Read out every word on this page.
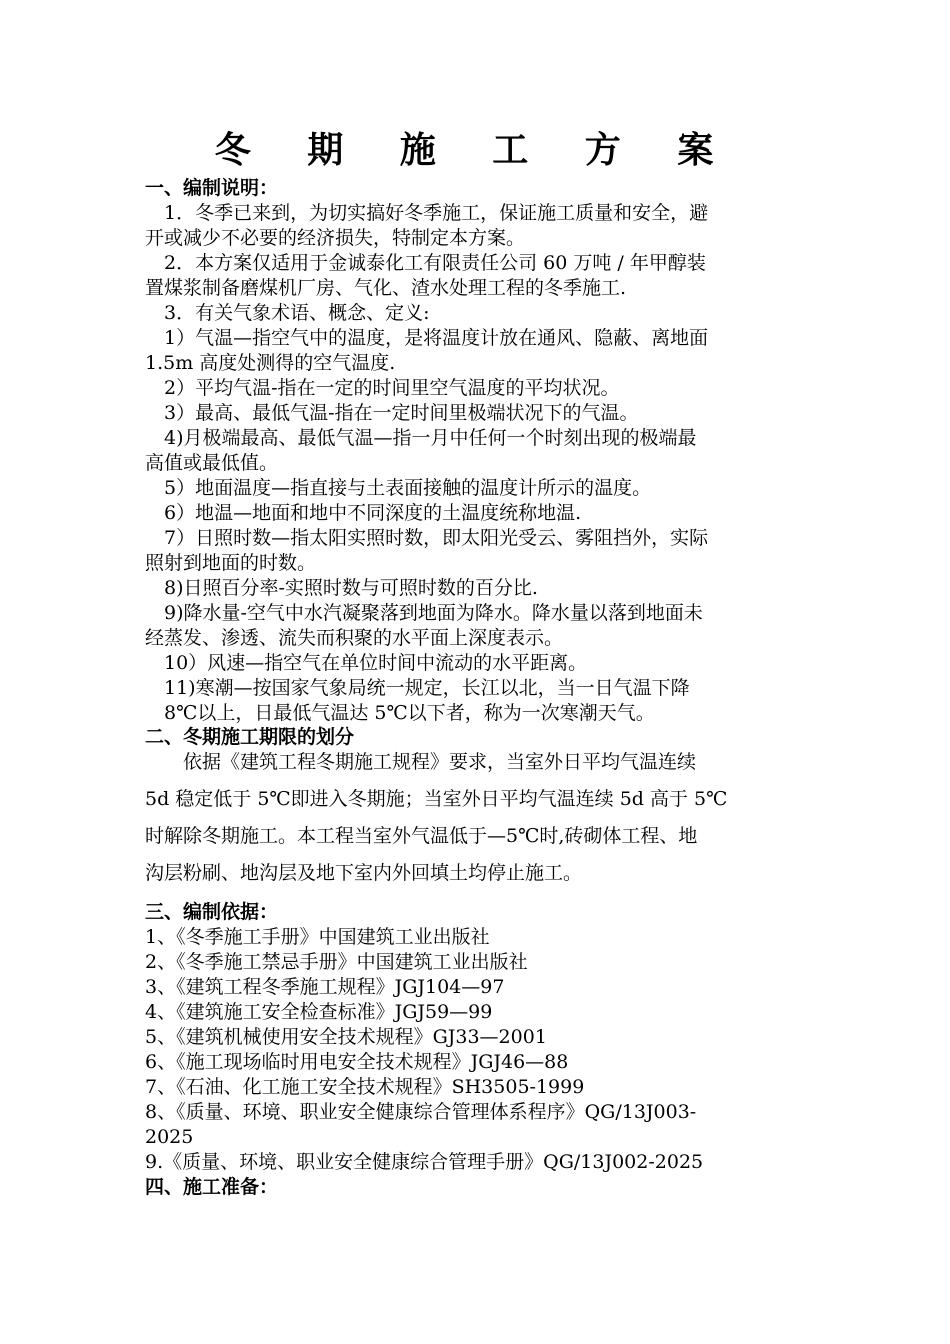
冬 期 施 工 方 案
一、编制说明：
　1．冬季已来到，为切实搞好冬季施工，保证施工质量和安全，避
开或减少不必要的经济损失，特制定本方案。
　2．本方案仅适用于金诚泰化工有限责任公司 60 万吨 / 年甲醇装
置煤浆制备磨煤机厂房、气化、渣水处理工程的冬季施工.
　3．有关气象术语、概念、定义:
　1）气温—指空气中的温度，是将温度计放在通风、隐蔽、离地面
1.5m 高度处测得的空气温度.
　2）平均气温-指在一定的时间里空气温度的平均状况。
　3）最高、最低气温-指在一定时间里极端状况下的气温。
　4)月极端最高、最低气温—指一月中任何一个时刻出现的极端最
高值或最低值。
　5）地面温度—指直接与土表面接触的温度计所示的温度。
　6）地温—地面和地中不同深度的土温度统称地温.
　7）日照时数—指太阳实照时数，即太阳光受云、雾阻挡外，实际
照射到地面的时数。
　8)日照百分率-实照时数与可照时数的百分比.
　9)降水量-空气中水汽凝聚落到地面为降水。降水量以落到地面未
经蒸发、渗透、流失而积聚的水平面上深度表示。
　10）风速—指空气在单位时间中流动的水平距离。
　11)寒潮—按国家气象局统一规定，长江以北，当一日气温下降
　8℃以上，日最低气温达 5℃以下者，称为一次寒潮天气。
二、冬期施工期限的划分
　　依据《建筑工程冬期施工规程》要求，当室外日平均气温连续
5d 稳定低于 5℃即进入冬期施；当室外日平均气温连续 5d 高于 5℃
时解除冬期施工。本工程当室外气温低于—5℃时,砖砌体工程、地
沟层粉刷、地沟层及地下室内外回填土均停止施工。
三、编制依据：
1、《冬季施工手册》中国建筑工业出版社
2、《冬季施工禁忌手册》中国建筑工业出版社
3、《建筑工程冬季施工规程》JGJ104—97
4、《建筑施工安全检查标准》JGJ59—99
5、《建筑机械使用安全技术规程》GJ33—2001
6、《施工现场临时用电安全技术规程》JGJ46—88
7、《石油、化工施工安全技术规程》SH3505-1999
8、《质量、环境、职业安全健康综合管理体系程序》QG/13J003-
2025
9.《质量、环境、职业安全健康综合管理手册》QG/13J002-2025
四、施工准备：
